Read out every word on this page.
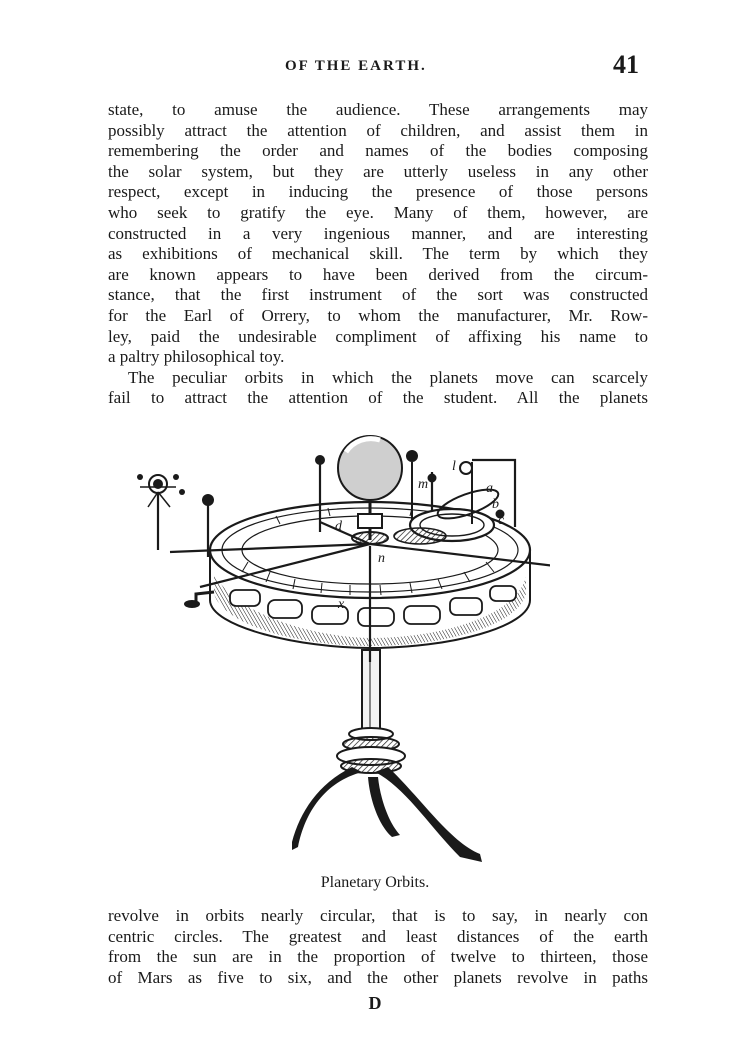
OF THE EARTH.	41
state, to amuse the audience. These arrangements may
possibly attract the attention of children, and assist them in
remembering the order and names of the bodies composing
the solar system, but they are utterly useless in any other
respect, except in inducing the presence of those persons
who seek to gratify the eye. Many of them, however, are
constructed in a very ingenious manner, and are interesting
as exhibitions of mechanical skill. The term by which they
are known appears to have been derived from the circum-
stance, that the first instrument of the sort was constructed
for the Earl of Orrery, to whom the manufacturer, Mr. Row-
ley, paid the undesirable compliment of affixing his name to
a paltry philosophical toy.
The peculiar orbits in which the planets move can scarcely
fail to attract the attention of the student. All the planets
l
m	a
b
c
d
n
x
Planetary Orbits.
revolve in orbits nearly circular, that is to say, in nearly con
centric circles. The greatest and least distances of the earth
from the sun are in the proportion of twelve to thirteen, those
of Mars as five to six, and the other planets revolve in paths
D
